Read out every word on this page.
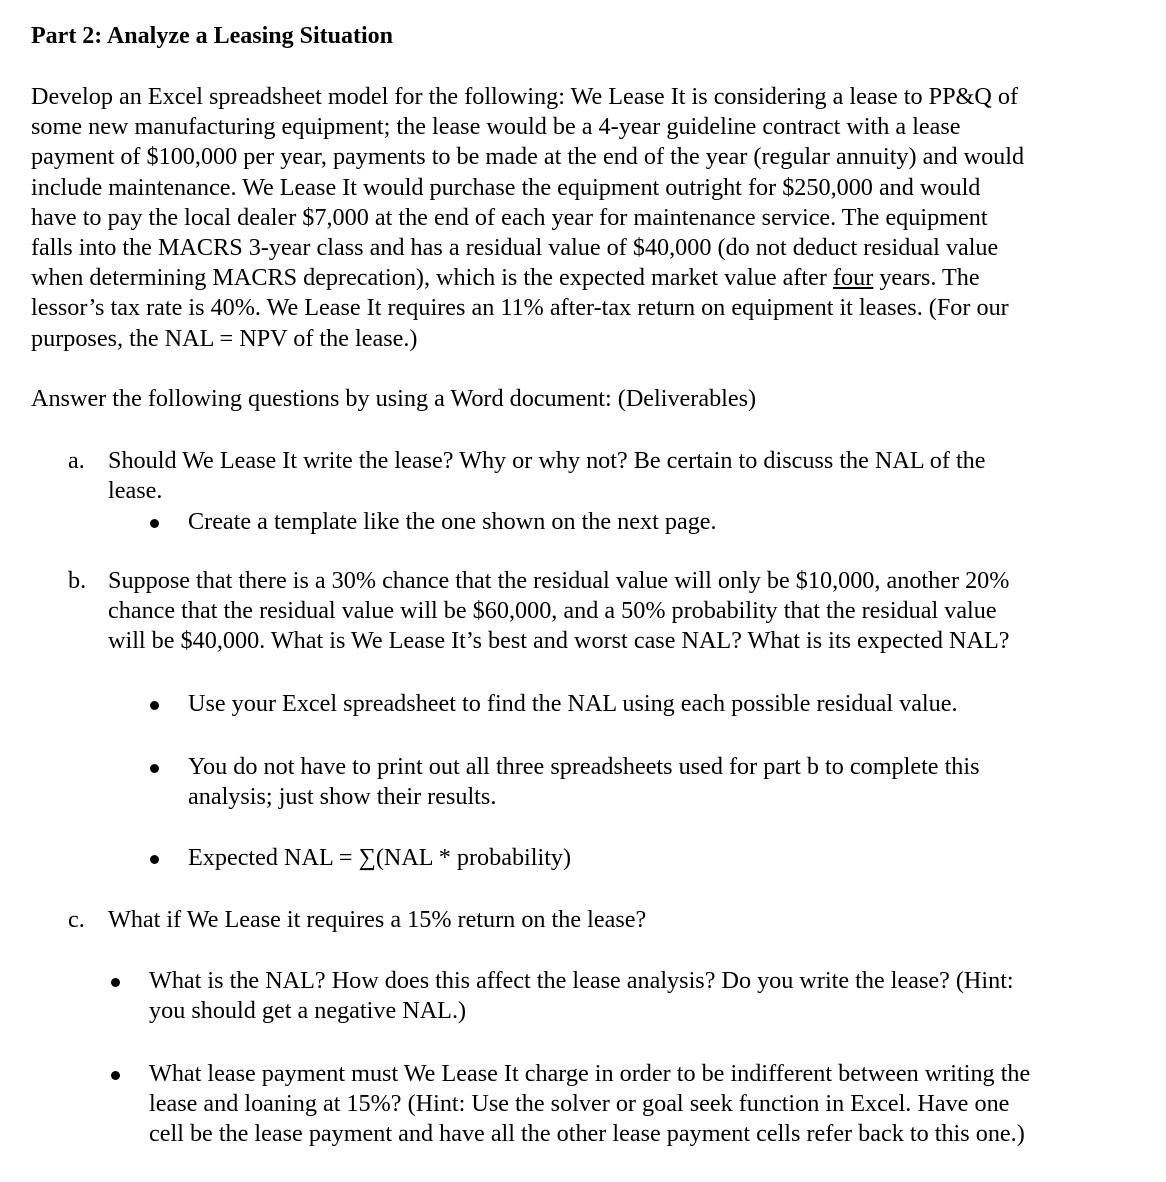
Part 2: Analyze a Leasing Situation
Develop an Excel spreadsheet model for the following: We Lease It is considering a lease to PP&Q of
some new manufacturing equipment; the lease would be a 4-year guideline contract with a lease
payment of $100,000 per year, payments to be made at the end of the year (regular annuity) and would
include maintenance. We Lease It would purchase the equipment outright for $250,000 and would
have to pay the local dealer $7,000 at the end of each year for maintenance service. The equipment
falls into the MACRS 3-year class and has a residual value of $40,000 (do not deduct residual value
when determining MACRS deprecation), which is the expected market value after four years. The
lessor’s tax rate is 40%. We Lease It requires an 11% after-tax return on equipment it leases. (For our
purposes, the NAL = NPV of the lease.)
Answer the following questions by using a Word document: (Deliverables)
a. Should We Lease It write the lease? Why or why not? Be certain to discuss the NAL of the
lease.
Create a template like the one shown on the next page.
b. Suppose that there is a 30% chance that the residual value will only be $10,000, another 20%
chance that the residual value will be $60,000, and a 50% probability that the residual value
will be $40,000. What is We Lease It’s best and worst case NAL? What is its expected NAL?
Use your Excel spreadsheet to find the NAL using each possible residual value.
You do not have to print out all three spreadsheets used for part b to complete this
analysis; just show their results.
Expected NAL = ∑(NAL * probability)
c. What if We Lease it requires a 15% return on the lease?
What is the NAL? How does this affect the lease analysis? Do you write the lease? (Hint:
you should get a negative NAL.)
What lease payment must We Lease It charge in order to be indifferent between writing the
lease and loaning at 15%? (Hint: Use the solver or goal seek function in Excel. Have one
cell be the lease payment and have all the other lease payment cells refer back to this one.)
